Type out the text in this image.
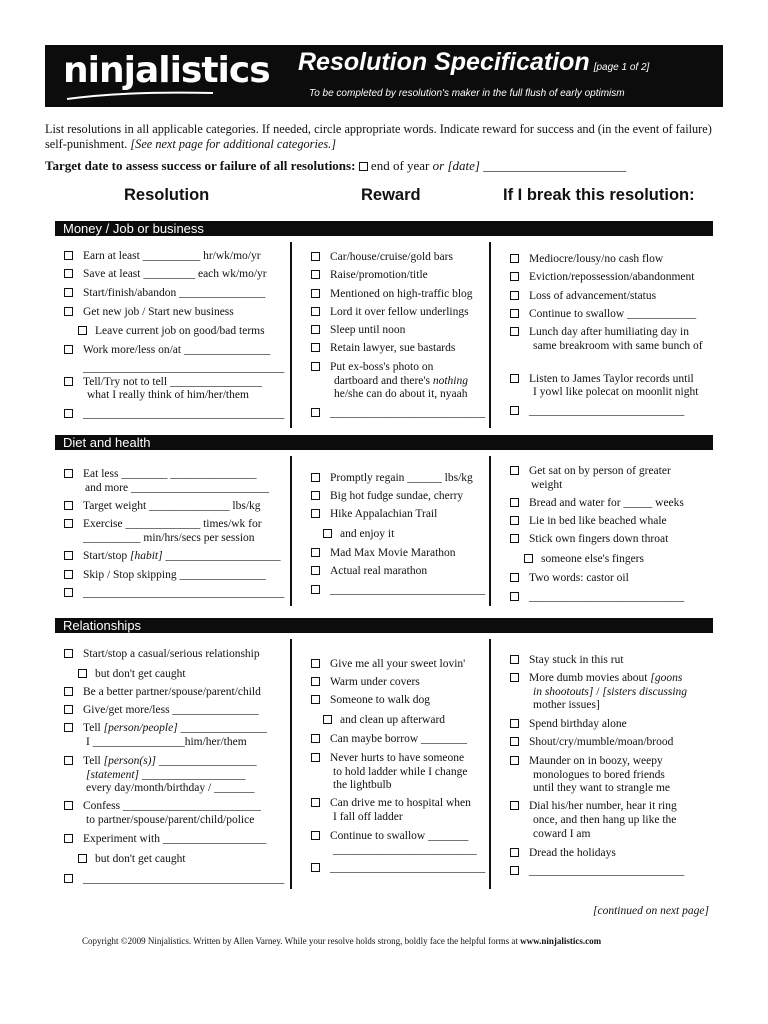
ninjalistics Resolution Specification [page 1 of 2]
To be completed by resolution's maker in the full flush of early optimism
List resolutions in all applicable categories. If needed, circle appropriate words. Indicate reward for success and (in the event of failure) self-punishment. [See next page for additional categories.]
Target date to assess success or failure of all resolutions: end of year or [date] ______________________
Resolution	Reward	If I break this resolution:
Money / Job or business
Diet and health
Relationships
Earn at least __________ hr/wk/mo/yr
Save at least _________ each wk/mo/yr
Start/finish/abandon _______________
Get new job / Start new business
Leave current job on good/bad terms
Work more/less on/at _______________
___________________________________
Tell/Try not to tell ________________
what I really think of him/her/them
___________________________________
Car/house/cruise/gold bars
Raise/promotion/title
Mentioned on high-traffic blog
Lord it over fellow underlings
Sleep until noon
Retain lawyer, sue bastards
Put ex-boss's photo on
dartboard and there's nothing
he/she can do about it, nyaah
___________________________
Mediocre/lousy/no cash flow
Eviction/repossession/abandonment
Loss of advancement/status
Continue to swallow ____________
Lunch day after humiliating day in
same breakroom with same bunch of
Listen to James Taylor records until
I yowl like polecat on moonlit night
___________________________
Eat less ________ _______________
and more ________________________
Target weight ______________ lbs/kg
Exercise _____________ times/wk for
__________ min/hrs/secs per session
Start/stop [habit] ____________________
Skip / Stop skipping _______________
___________________________________
Promptly regain ______ lbs/kg
Big hot fudge sundae, cherry
Hike Appalachian Trail
and enjoy it
Mad Max Movie Marathon
Actual real marathon
___________________________
Get sat on by person of greater
weight
Bread and water for _____ weeks
Lie in bed like beached whale
Stick own fingers down throat
someone else's fingers
Two words: castor oil
___________________________
Start/stop a casual/serious relationship
but don't get caught
Be a better partner/spouse/parent/child
Give/get more/less _______________
Tell [person/people] _______________
I ________________him/her/them
Tell [person(s)] _________________
[statement] __________________
every day/month/birthday / _______
Confess ________________________
to partner/spouse/parent/child/police
Experiment with __________________
but don't get caught
___________________________________
Give me all your sweet lovin'
Warm under covers
Someone to walk dog
and clean up afterward
Can maybe borrow ________
Never hurts to have someone
to hold ladder while I change
the lightbulb
Can drive me to hospital when
I fall off ladder
Continue to swallow _______
_________________________
___________________________
Stay stuck in this rut
More dumb movies about [goons
in shootouts] / [sisters discussing
mother issues]
Spend birthday alone
Shout/cry/mumble/moan/brood
Maunder on in boozy, weepy
monologues to bored friends
until they want to strangle me
Dial his/her number, hear it ring
once, and then hang up like the
coward I am
Dread the holidays
___________________________
[continued on next page]
Copyright ©2009 Ninjalistics. Written by Allen Varney. While your resolve holds strong, boldly face the helpful forms at www.ninjalistics.com
